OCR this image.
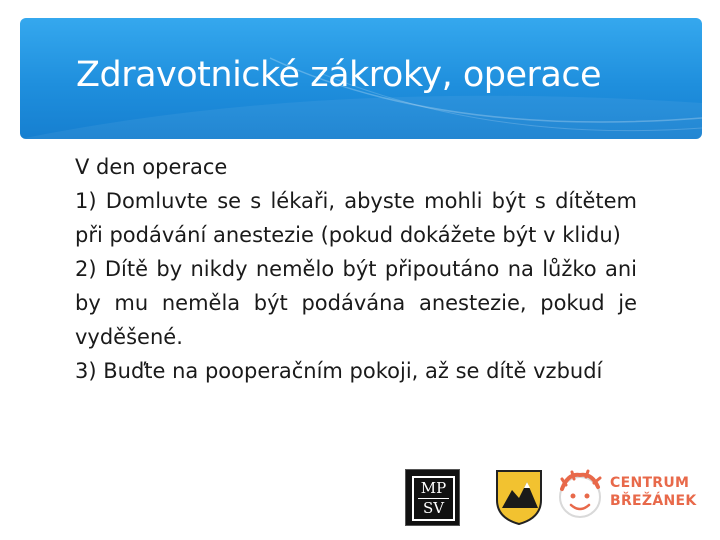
Zdravotnické zákroky, operace

V den operace

1) Domluvte se s lékaři, abyste mohli být s dítětem při podávání anestezie (pokud dokážete být v klidu)

2) Dítě by nikdy nemělo být připoutáno na lůžko ani by mu neměla být podávána anestezie, pokud je vyděšené.

3) Buďte na pooperačním pokoji, až se dítě vzbudí

MP
SV
CENTRUM
BŘEŽÁNEK
